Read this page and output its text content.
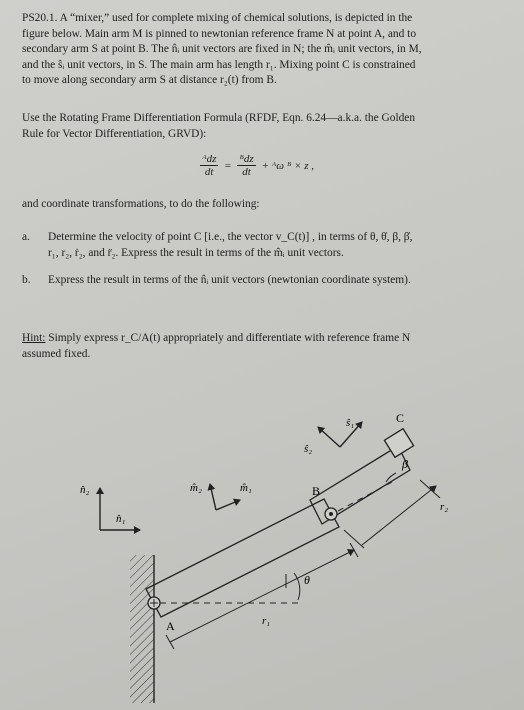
PS20.1. A “mixer,” used for complete mixing of chemical solutions, is depicted in the
figure below. Main arm M is pinned to newtonian reference frame N at point A, and to
secondary arm S at point B. The n̂ᵢ unit vectors are fixed in N; the m̂ᵢ unit vectors, in M,
and the ŝᵢ unit vectors, in S. The main arm has length r₁. Mixing point C is constrained
to move along secondary arm S at distance r₂(t) from B.
Use the Rotating Frame Differentiation Formula (RFDF, Eqn. 6.24—a.k.a. the Golden
Rule for Vector Differentiation, GRVD):
$\frac{\text{ᴬdz}}{dt} = \frac{\text{ᴮdz}}{dt}$ + ᴬω ᴮ × z ,
and coordinate transformations, to do the following:
a. Determine the velocity of point C [i.e., the vector v_C(t)] , in terms of θ, θ̇, β, β̇,
r₁, r₂, ṙ₂, and r̈₂. Express the result in terms of the m̂ᵢ unit vectors.
b. Express the result in terms of the n̂ᵢ unit vectors (newtonian coordinate system).
Hint: Simply express r_C/A(t) appropriately and differentiate with reference frame N
assumed fixed.
n̂₂
n̂₁
m̂₂	m̂₁
ŝ₂
ŝ₁
θ
r₁
r₂
β
C
B
A
